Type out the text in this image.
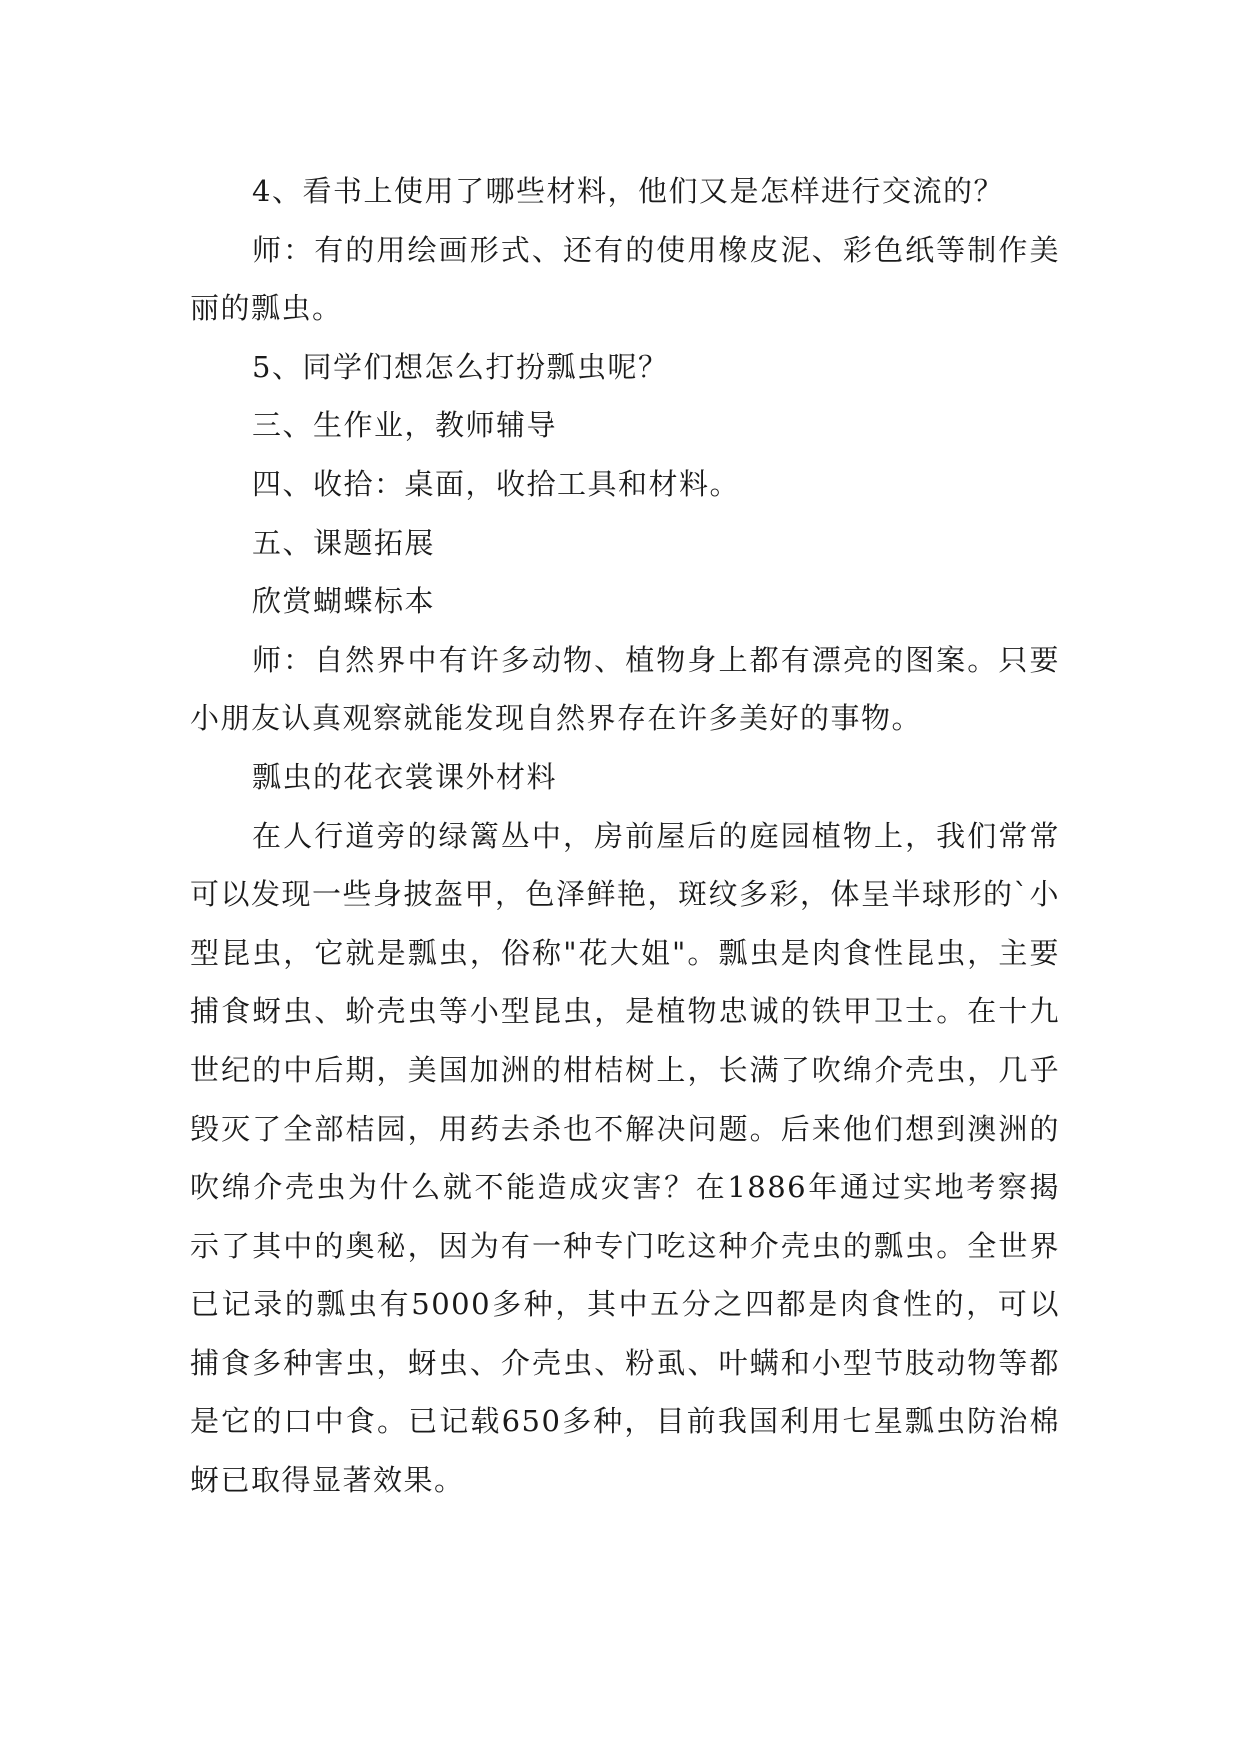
4、看书上使用了哪些材料，他们又是怎样进行交流的？

师：有的用绘画形式、还有的使用橡皮泥、彩色纸等制作美丽的瓢虫。

5、同学们想怎么打扮瓢虫呢？

三、生作业，教师辅导

四、收拾：桌面，收拾工具和材料。

五、课题拓展

欣赏蝴蝶标本

师：自然界中有许多动物、植物身上都有漂亮的图案。只要小朋友认真观察就能发现自然界存在许多美好的事物。

瓢虫的花衣裳课外材料

在人行道旁的绿篱丛中，房前屋后的庭园植物上，我们常常可以发现一些身披盔甲，色泽鲜艳，斑纹多彩，体呈半球形的`小型昆虫，它就是瓢虫，俗称"花大姐"。瓢虫是肉食性昆虫，主要捕食蚜虫、蚧壳虫等小型昆虫，是植物忠诚的铁甲卫士。在十九世纪的中后期，美国加洲的柑桔树上，长满了吹绵介壳虫，几乎毁灭了全部桔园，用药去杀也不解决问题。后来他们想到澳洲的吹绵介壳虫为什么就不能造成灾害？在1886年通过实地考察揭示了其中的奥秘，因为有一种专门吃这种介壳虫的瓢虫。全世界已记录的瓢虫有5000多种，其中五分之四都是肉食性的，可以捕食多种害虫，蚜虫、介壳虫、粉虱、叶螨和小型节肢动物等都是它的口中食。已记载650多种，目前我国利用七星瓢虫防治棉蚜已取得显著效果。
